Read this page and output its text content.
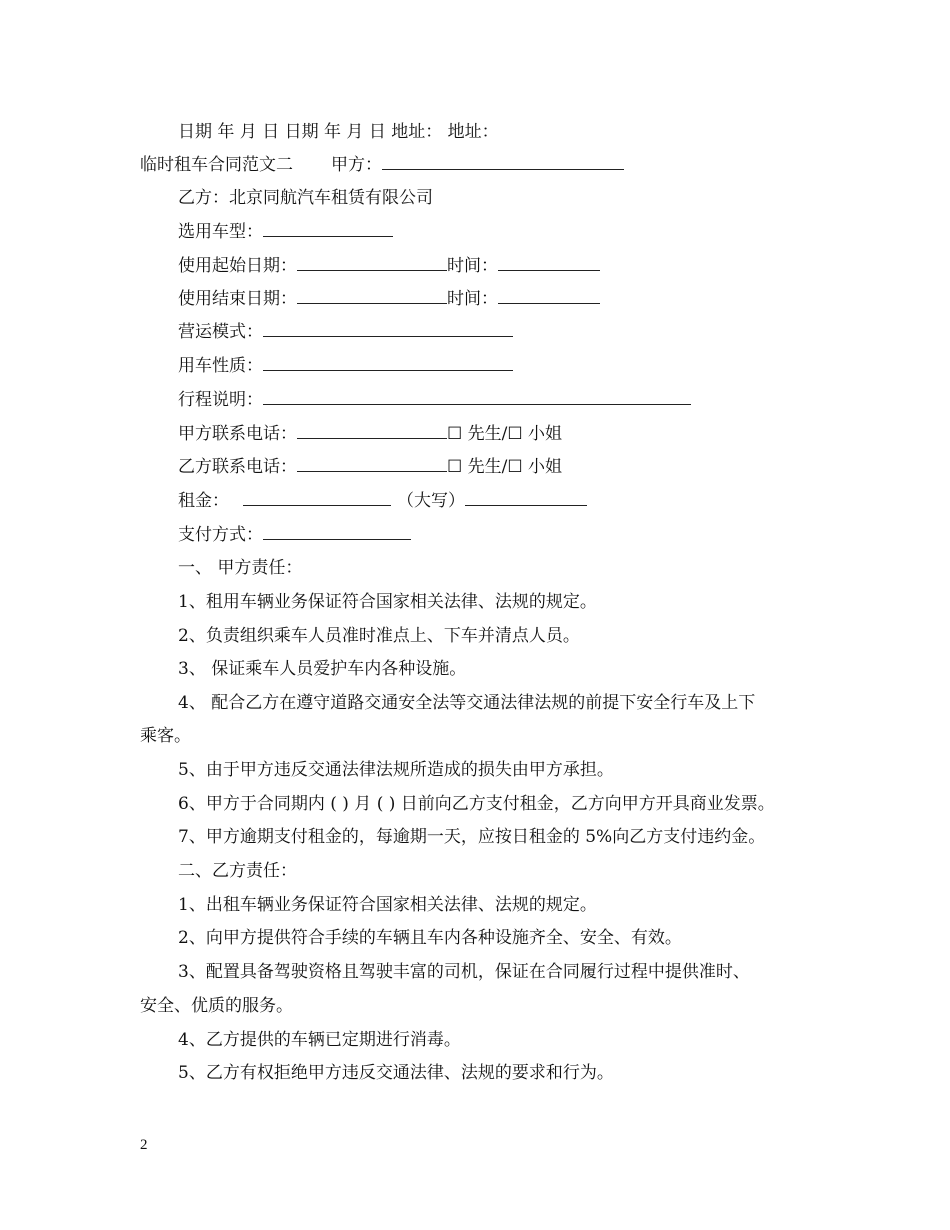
日期 年 月 日 日期 年 月 日 地址： 地址：
临时租车合同范文二 甲方：
乙方：北京同航汽车租赁有限公司
选用车型：
使用起始日期：	时间：
使用结束日期：	时间：
营运模式：
用车性质：
行程说明：
甲方联系电话：	☐ 先生/☐ 小姐
乙方联系电话：	☐ 先生/☐ 小姐
租金：	（大写）
支付方式：
一、 甲方责任：
1、租用车辆业务保证符合国家相关法律、法规的规定。
2、负责组织乘车人员准时准点上、下车并清点人员。
3、 保证乘车人员爱护车内各种设施。
4、 配合乙方在遵守道路交通安全法等交通法律法规的前提下安全行车及上下
乘客。
5、由于甲方违反交通法律法规所造成的损失由甲方承担。
6、甲方于合同期内 ( ) 月 ( ) 日前向乙方支付租金，乙方向甲方开具商业发票。
7、甲方逾期支付租金的，每逾期一天，应按日租金的 5%向乙方支付违约金。
二、乙方责任：
1、出租车辆业务保证符合国家相关法律、法规的规定。
2、向甲方提供符合手续的车辆且车内各种设施齐全、安全、有效。
3、配置具备驾驶资格且驾驶丰富的司机，保证在合同履行过程中提供准时、
安全、优质的服务。
4、乙方提供的车辆已定期进行消毒。
5、乙方有权拒绝甲方违反交通法律、法规的要求和行为。
2
